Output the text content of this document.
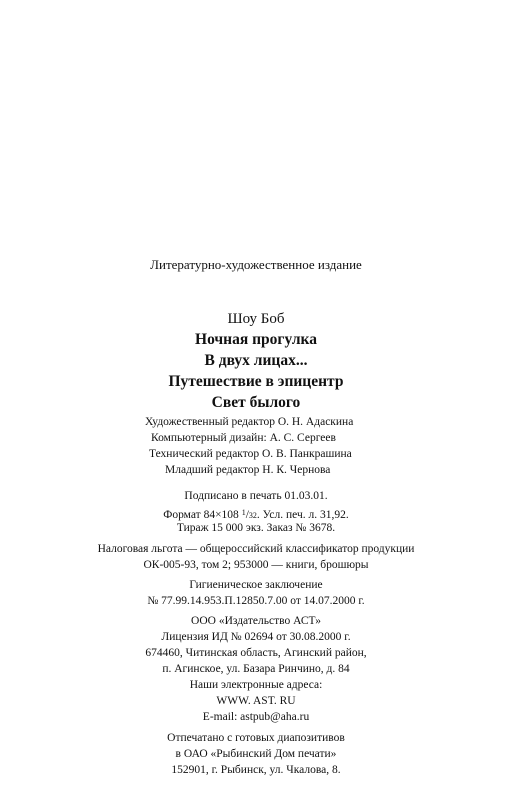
Литературно-художественное издание
Шоу Боб
Ночная прогулка
В двух лицах...
Путешествие в эпицентр
Свет былого
Художественный редактор О. Н. Адаскина
Компьютерный дизайн: А. С. Сергеев
Технический редактор О. В. Панкрашина
Младший редактор Н. К. Чернова
Подписано в печать 01.03.01.
Формат 84×108 $^1$/32. Усл. печ. л. 31,92.
Тираж 15 000 экз. Заказ № 3678.
Налоговая льгота — общероссийский классификатор продукции
ОК-005-93, том 2; 953000 — книги, брошюры
Гигиеническое заключение
№ 77.99.14.953.П.12850.7.00 от 14.07.2000 г.
ООО «Издательство АСТ»
Лицензия ИД № 02694 от 30.08.2000 г.
674460, Читинская область, Агинский район,
п. Агинское, ул. Базара Ринчино, д. 84
Наши электронные адреса:
WWW. AST. RU
E-mail: astpub@aha.ru
Отпечатано с готовых диапозитивов
в ОАО «Рыбинский Дом печати»
152901, г. Рыбинск, ул. Чкалова, 8.
